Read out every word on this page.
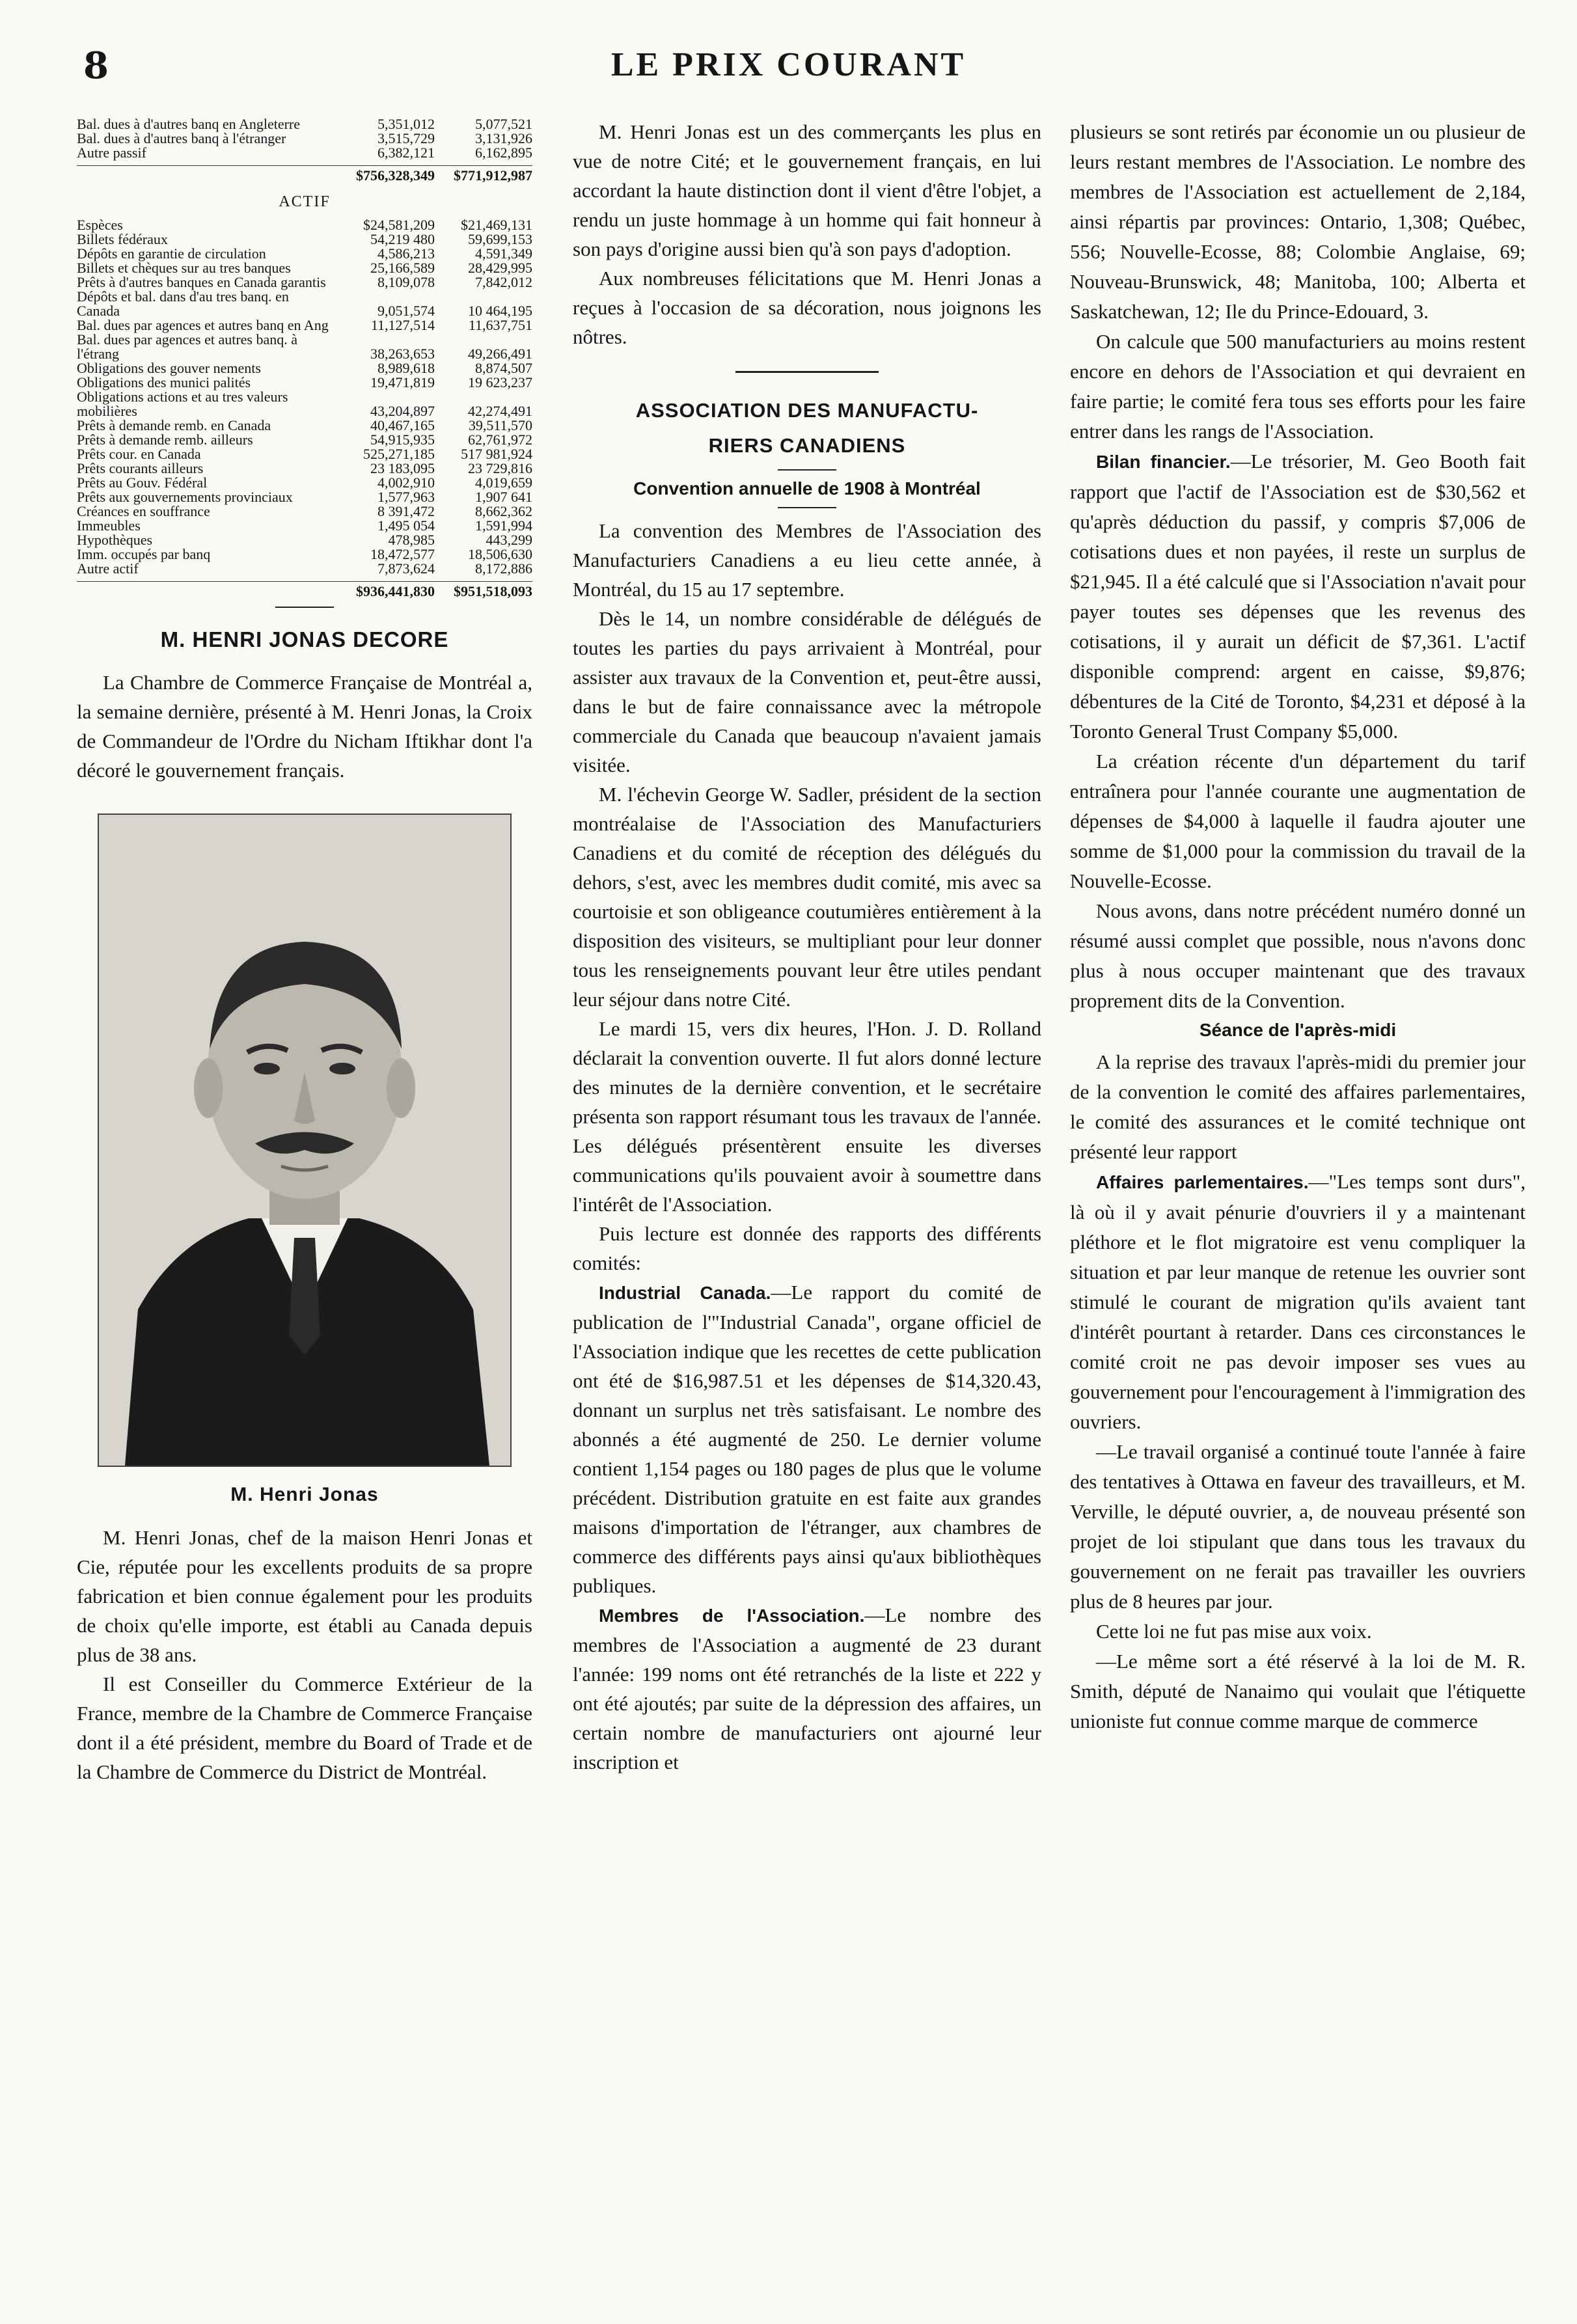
8	LE PRIX COURANT
Bal. dues à d'autres banq en Angleterre	5,351,012	5,077,521
Bal. dues à d'autres banq à l'étranger	3,515,729	3,131,926
Autre passif	6,382,121	6,162,895
$756,328,349	$771,912,987
ACTIF
Espèces	$24,581,209	$21,469,131
Billets fédéraux	54,219 480	59,699,153
Dépôts en garantie de circulation	4,586,213	4,591,349
Billets et chèques sur au tres banques	25,166,589	28,429,995
Prêts à d'autres banques en Canada garantis	8,109,078	7,842,012
Dépôts et bal. dans d'au tres banq. en Canada	9,051,574	10 464,195
Bal. dues par agences et autres banq en Ang	11,127,514	11,637,751
Bal. dues par agences et autres banq. à l'étrang	38,263,653	49,266,491
Obligations des gouver nements	8,989,618	8,874,507
Obligations des munici palités	19,471,819	19 623,237
Obligations actions et au tres valeurs mobilières	43,204,897	42,274,491
Prêts à demande remb. en Canada	40,467,165	39,511,570
Prêts à demande remb. ailleurs	54,915,935	62,761,972
Prêts cour. en Canada	525,271,185	517 981,924
Prêts courants ailleurs	23 183,095	23 729,816
Prêts au Gouv. Fédéral	4,002,910	4,019,659
Prêts aux gouvernements provinciaux	1,577,963	1,907 641
Créances en souffrance	8 391,472	8,662,362
Immeubles	1,495 054	1,591,994
Hypothèques	478,985	443,299
Imm. occupés par banq	18,472,577	18,506,630
Autre actif	7,873,624	8,172,886
$936,441,830	$951,518,093
M. HENRI JONAS DECORE

La Chambre de Commerce Française de Montréal a, la semaine dernière, présenté à M. Henri Jonas, la Croix de Commandeur de l'Ordre du Nicham Iftikhar dont l'a décoré le gouvernement français.

M. Henri Jonas

M. Henri Jonas, chef de la maison Henri Jonas et Cie, réputée pour les excellents produits de sa propre fabrication et bien connue également pour les produits de choix qu'elle importe, est établi au Canada depuis plus de 38 ans.

Il est Conseiller du Commerce Extérieur de la France, membre de la Chambre de Commerce Française dont il a été président, membre du Board of Trade et de la Chambre de Commerce du District de Montréal.

M. Henri Jonas est un des commerçants les plus en vue de notre Cité; et le gouvernement français, en lui accordant la haute distinction dont il vient d'être l'objet, a rendu un juste hommage à un homme qui fait honneur à son pays d'origine aussi bien qu'à son pays d'adoption.

Aux nombreuses félicitations que M. Henri Jonas a reçues à l'occasion de sa décoration, nous joignons les nôtres.

ASSOCIATION DES MANUFACTU-
RIERS CANADIENS
Convention annuelle de 1908 à Montréal

La convention des Membres de l'Association des Manufacturiers Canadiens a eu lieu cette année, à Montréal, du 15 au 17 septembre.

Dès le 14, un nombre considérable de délégués de toutes les parties du pays arrivaient à Montréal, pour assister aux travaux de la Convention et, peut-être aussi, dans le but de faire connaissance avec la métropole commerciale du Canada que beaucoup n'avaient jamais visitée.

M. l'échevin George W. Sadler, président de la section montréalaise de l'Association des Manufacturiers Canadiens et du comité de réception des délégués du dehors, s'est, avec les membres dudit comité, mis avec sa courtoisie et son obligeance coutumières entièrement à la disposition des visiteurs, se multipliant pour leur donner tous les renseignements pouvant leur être utiles pendant leur séjour dans notre Cité.

Le mardi 15, vers dix heures, l'Hon. J. D. Rolland déclarait la convention ouverte. Il fut alors donné lecture des minutes de la dernière convention, et le secrétaire présenta son rapport résumant tous les travaux de l'année. Les délégués présentèrent ensuite les diverses communications qu'ils pouvaient avoir à soumettre dans l'intérêt de l'Association.

Puis lecture est donnée des rapports des différents comités:

Industrial Canada.—Le rapport du comité de publication de l'"Industrial Canada", organe officiel de l'Association indique que les recettes de cette publication ont été de $16,987.51 et les dépenses de $14,320.43, donnant un surplus net très satisfaisant. Le nombre des abonnés a été augmenté de 250. Le dernier volume contient 1,154 pages ou 180 pages de plus que le volume précédent. Distribution gratuite en est faite aux grandes maisons d'importation de l'étranger, aux chambres de commerce des différents pays ainsi qu'aux bibliothèques publiques.

Membres de l'Association.—Le nombre des membres de l'Association a augmenté de 23 durant l'année: 199 noms ont été retranchés de la liste et 222 y ont été ajoutés; par suite de la dépression des affaires, un certain nombre de manufacturiers ont ajourné leur inscription et

plusieurs se sont retirés par économie un ou plusieur de leurs restant membres de l'Association. Le nombre des membres de l'Association est actuellement de 2,184, ainsi répartis par provinces: Ontario, 1,308; Québec, 556; Nouvelle-Ecosse, 88; Colombie Anglaise, 69; Nouveau-Brunswick, 48; Manitoba, 100; Alberta et Saskatchewan, 12; Ile du Prince-Edouard, 3.

On calcule que 500 manufacturiers au moins restent encore en dehors de l'Association et qui devraient en faire partie; le comité fera tous ses efforts pour les faire entrer dans les rangs de l'Association.

Bilan financier.—Le trésorier, M. Geo Booth fait rapport que l'actif de l'Association est de $30,562 et qu'après déduction du passif, y compris $7,006 de cotisations dues et non payées, il reste un surplus de $21,945. Il a été calculé que si l'Association n'avait pour payer toutes ses dépenses que les revenus des cotisations, il y aurait un déficit de $7,361. L'actif disponible comprend: argent en caisse, $9,876; débentures de la Cité de Toronto, $4,231 et déposé à la Toronto General Trust Company $5,000.

La création récente d'un département du tarif entraînera pour l'année courante une augmentation de dépenses de $4,000 à laquelle il faudra ajouter une somme de $1,000 pour la commission du travail de la Nouvelle-Ecosse.

Nous avons, dans notre précédent numéro donné un résumé aussi complet que possible, nous n'avons donc plus à nous occuper maintenant que des travaux proprement dits de la Convention.

Séance de l'après-midi

A la reprise des travaux l'après-midi du premier jour de la convention le comité des affaires parlementaires, le comité des assurances et le comité technique ont présenté leur rapport

Affaires parlementaires.—"Les temps sont durs", là où il y avait pénurie d'ouvriers il y a maintenant pléthore et le flot migratoire est venu compliquer la situation et par leur manque de retenue les ouvrier sont stimulé le courant de migration qu'ils avaient tant d'intérêt pourtant à retarder. Dans ces circonstances le comité croit ne pas devoir imposer ses vues au gouvernement pour l'encouragement à l'immigration des ouvriers.

—Le travail organisé a continué toute l'année à faire des tentatives à Ottawa en faveur des travailleurs, et M. Verville, le député ouvrier, a, de nouveau présenté son projet de loi stipulant que dans tous les travaux du gouvernement on ne ferait pas travailler les ouvriers plus de 8 heures par jour.

Cette loi ne fut pas mise aux voix.

—Le même sort a été réservé à la loi de M. R. Smith, député de Nanaimo qui voulait que l'étiquette unioniste fut connue comme marque de commerce
